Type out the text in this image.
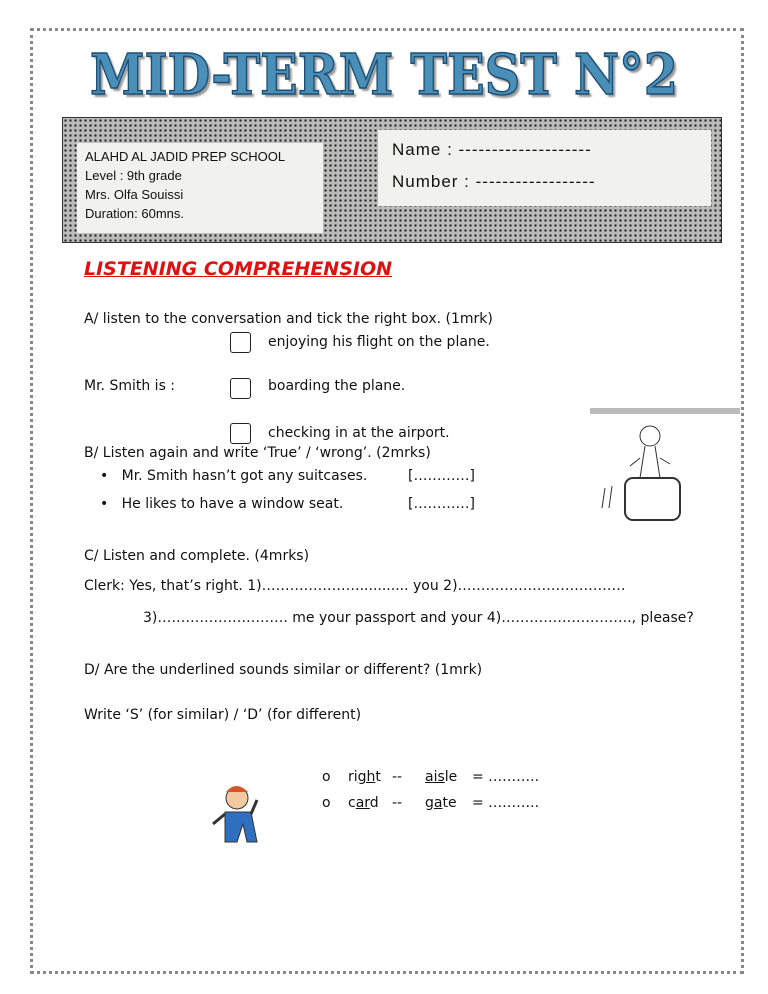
MID-TERM TEST N°2
ALAHD AL JADID PREP SCHOOL
Level : 9th grade
Mrs. Olfa Souissi
Duration: 60mns.
Name : --------------------
Number : ------------------
LISTENING COMPREHENSION
A/ listen to the conversation and tick the right box. (1mrk)
enjoying his flight on the plane.
Mr. Smith is :	boarding the plane.
checking in at the airport.
B/ Listen again and write ‘True’ / ‘wrong’. (2mrks)
•   Mr. Smith hasn’t got any suitcases.	[…………]
•   He likes to have a window seat.	[…………]
C/ Listen and complete. (4mrks)
Clerk: Yes, that’s right. 1)…………………........... you 2)………………………………
3)………………………. me your passport and your 4)………………………., please?
D/ Are the underlined sounds similar or different? (1mrk)
Write ‘S’ (for similar) / ‘D’ (for different)
o right -- aisle = ………..
o card -- gate = ………..
